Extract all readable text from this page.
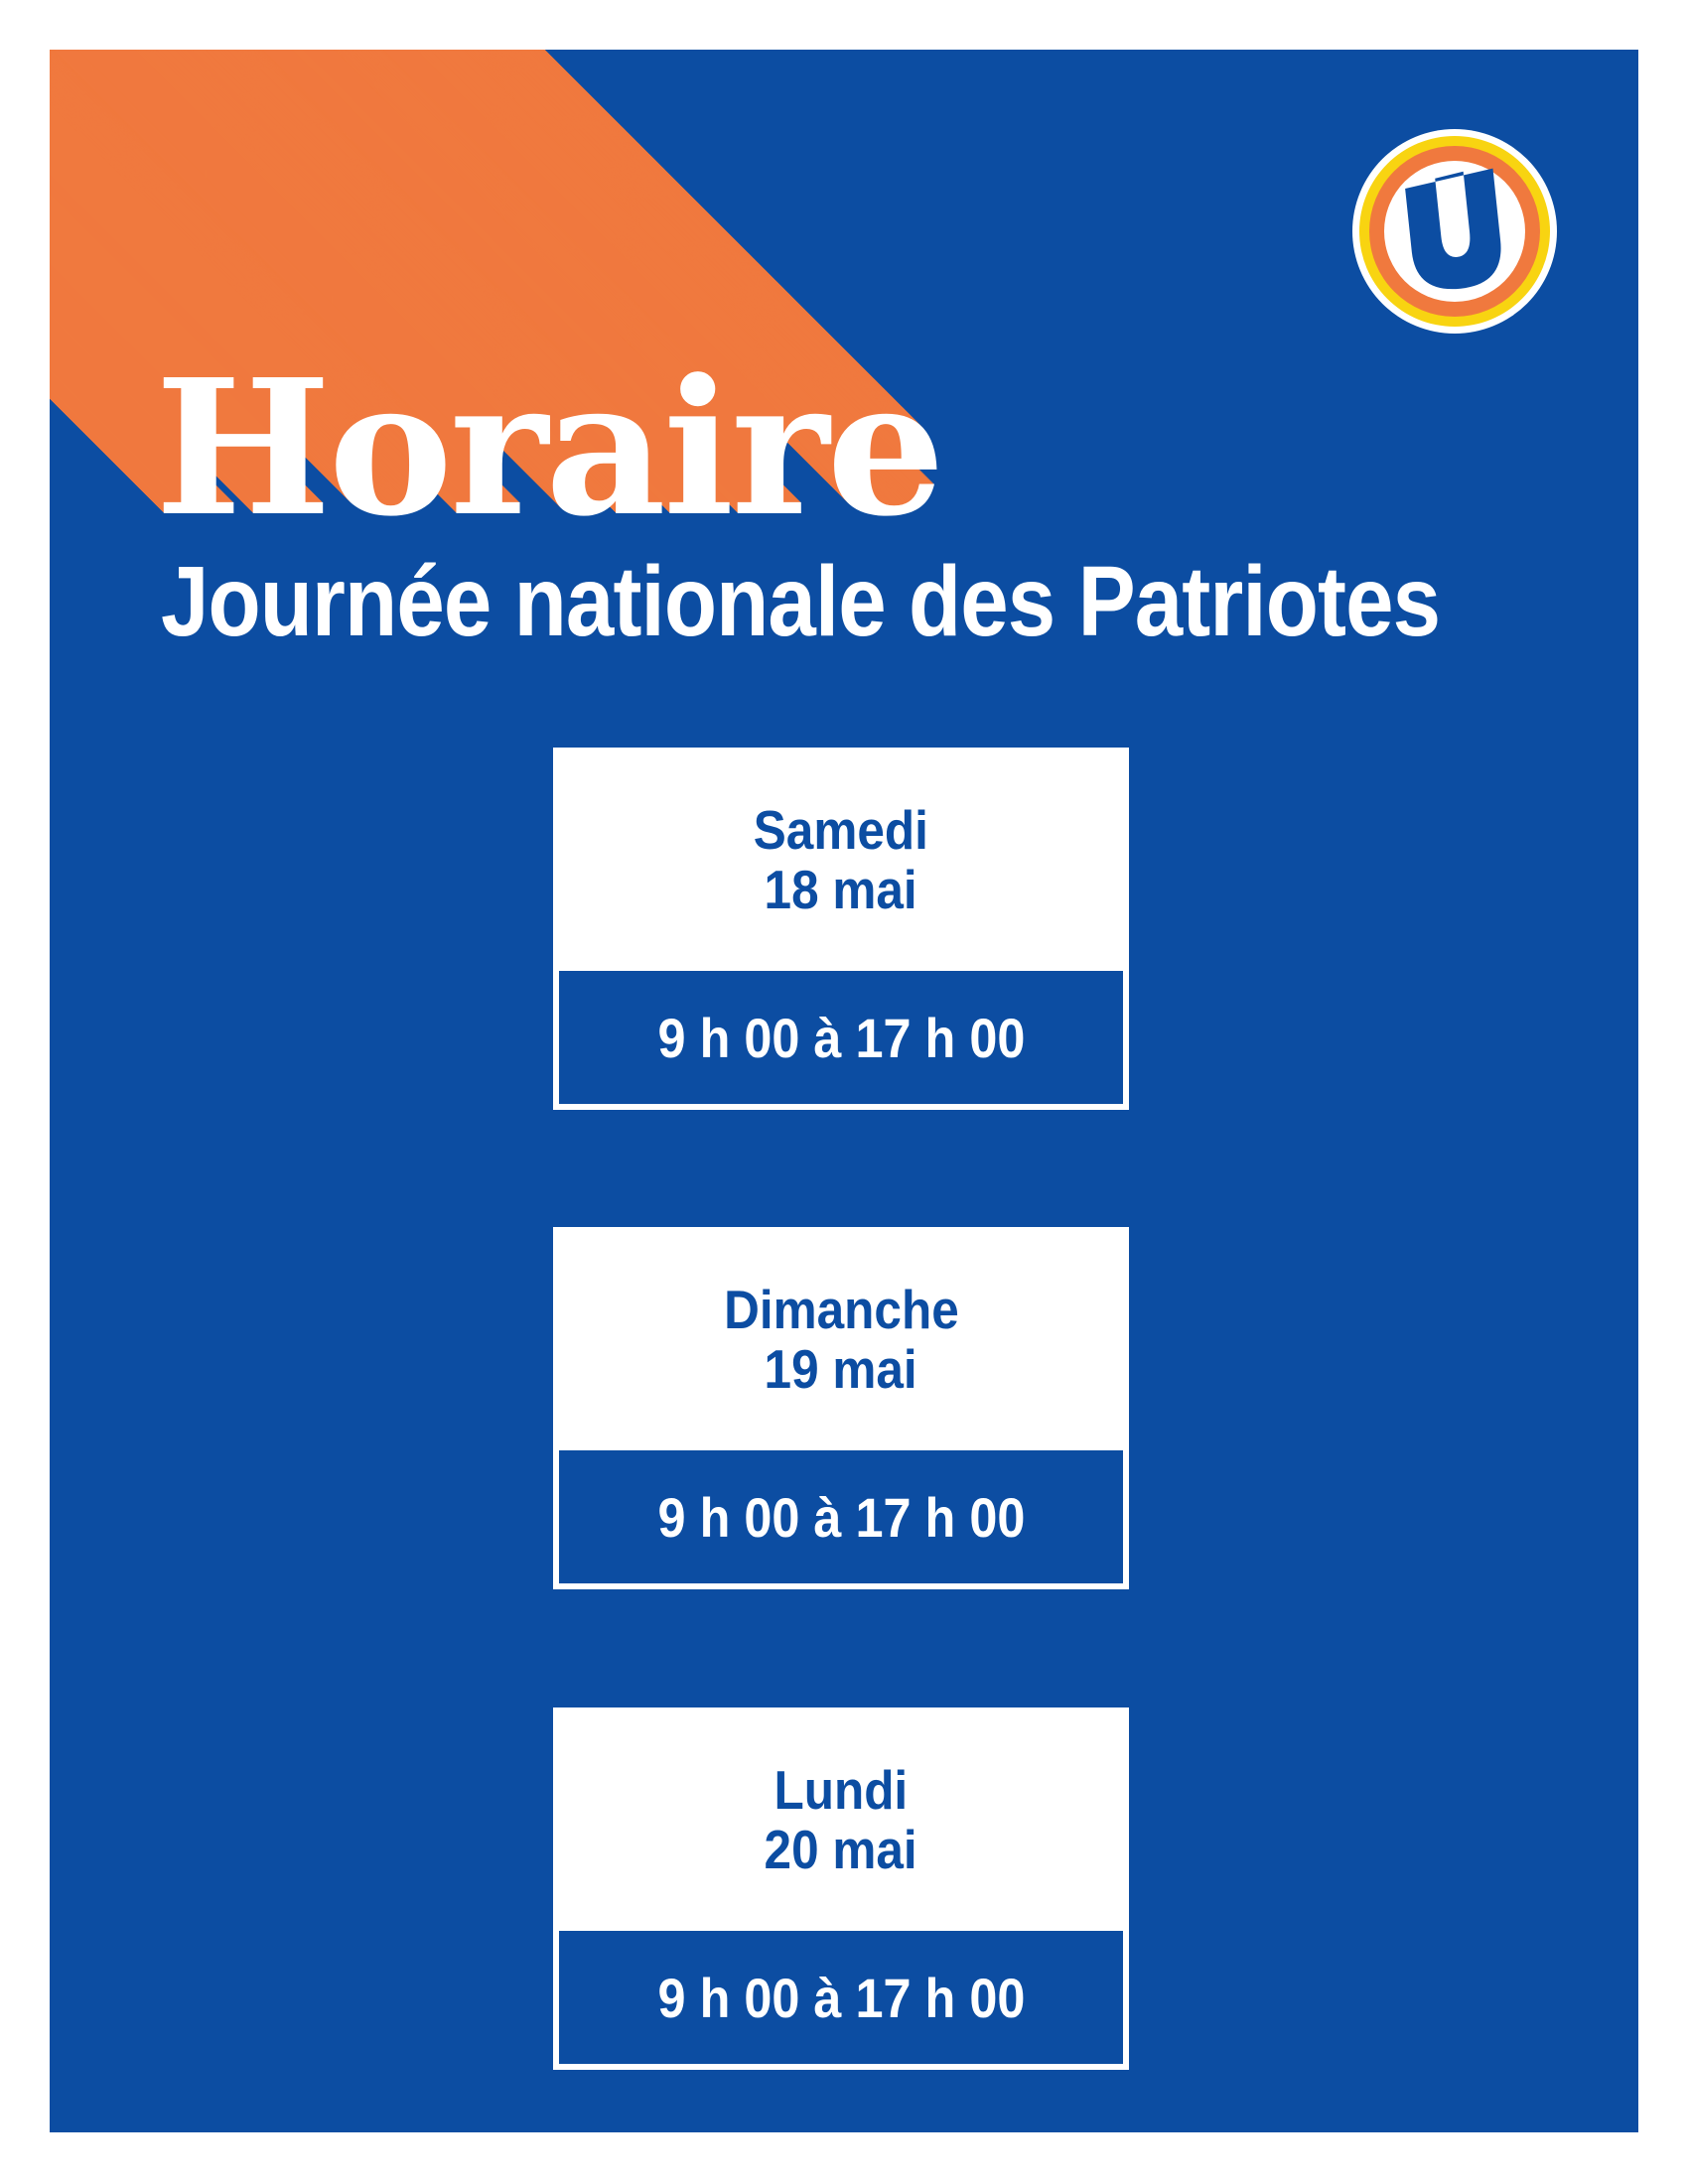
Horaire
Journée nationale des Patriotes
Samedi
18 mai
9 h 00 à 17 h 00
Dimanche
19 mai
9 h 00 à 17 h 00
Lundi
20 mai
9 h 00 à 17 h 00
